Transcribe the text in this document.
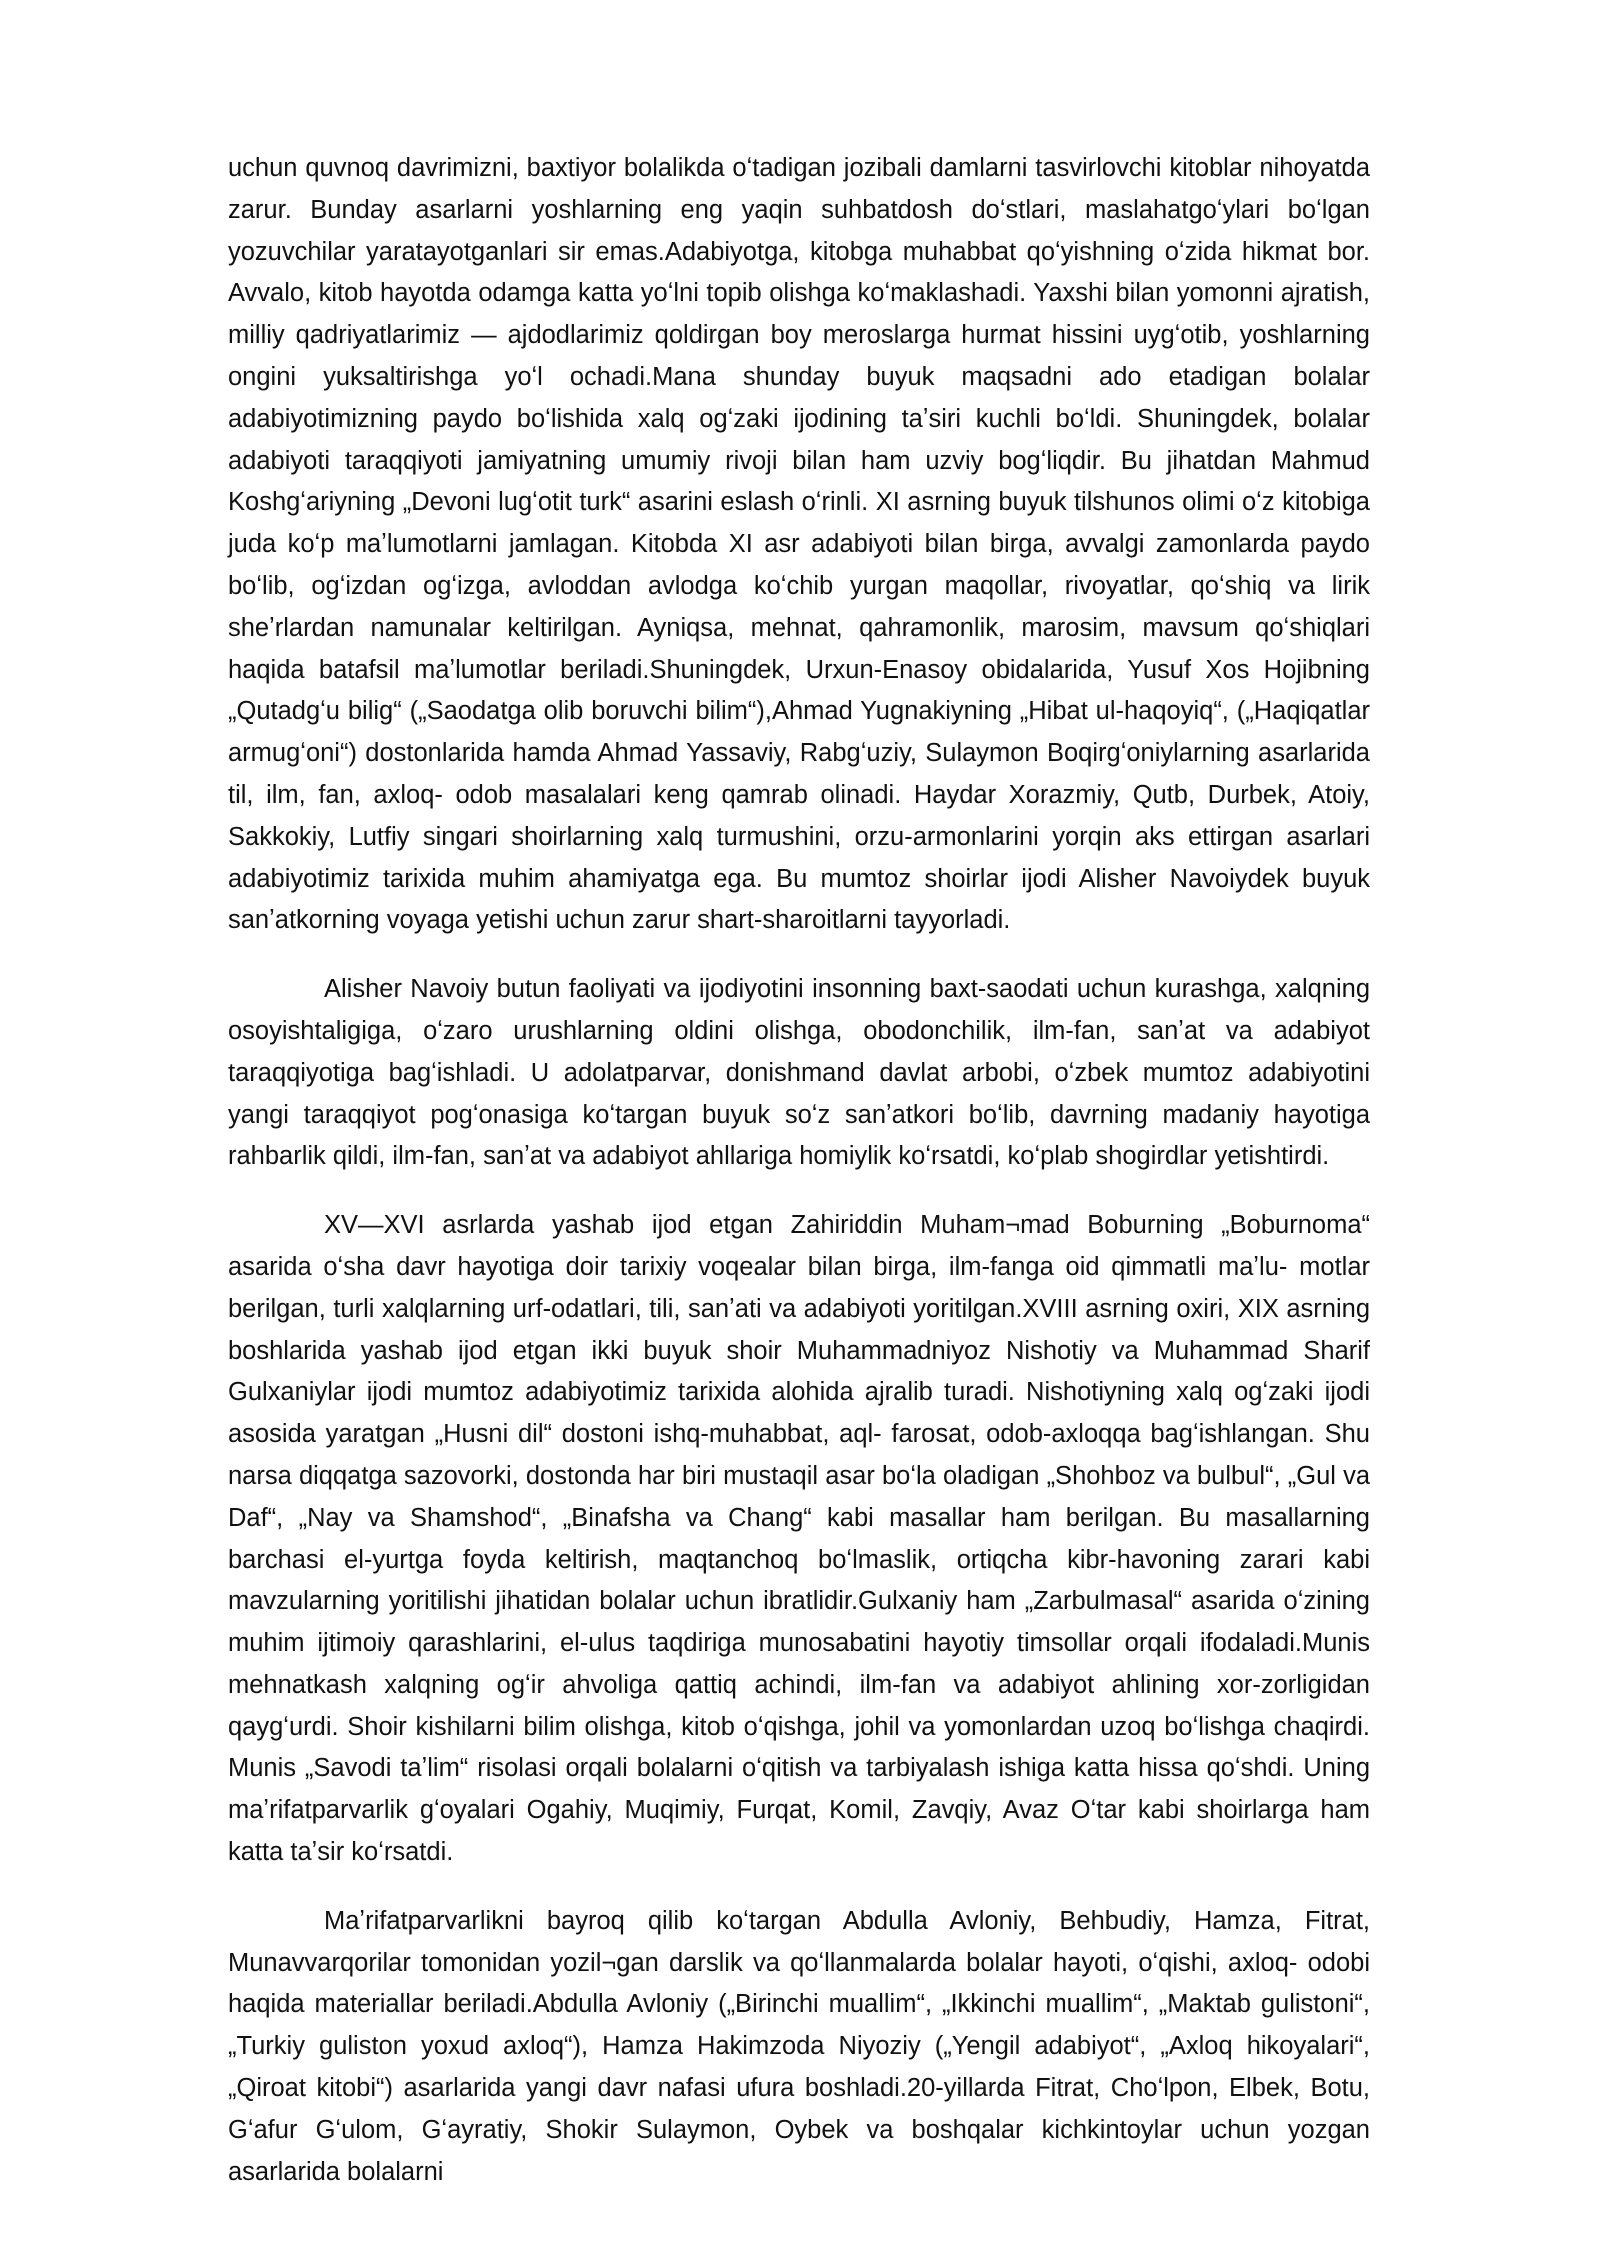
uchun quvnoq davrimizni, baxtiyor bolalikda oʻtadigan jozibali damlarni tasvirlovchi kitoblar nihoyatda zarur. Bunday asarlarni yoshlarning eng yaqin suhbatdosh doʻstlari, maslahatgoʻylari boʻlgan yozuvchilar yaratayotganlari sir emas.Adabiyotga, kitobga muhabbat qoʻyishning oʻzida hikmat bor. Avvalo, kitob hayotda odamga katta yoʻlni topib olishga koʻmaklashadi. Yaxshi bilan yomonni ajratish, milliy qadriyatlarimiz — ajdodlarimiz qoldirgan boy meroslarga hurmat hissini uygʻotib, yoshlarning ongini yuksaltirishga yoʻl ochadi.Mana shunday buyuk maqsadni ado etadigan bolalar adabiyotimizning paydo boʻlishida xalq ogʻzaki ijodining taʼsiri kuchli boʻldi. Shuningdek, bolalar adabiyoti taraqqiyoti jamiyatning umumiy rivoji bilan ham uzviy bogʻliqdir. Bu jihatdan Mahmud Koshgʻariyning „Devoni lugʻotit turk“ asarini eslash oʻrinli. XI asrning buyuk tilshunos olimi oʻz kitobiga juda koʻp maʼlumotlarni jamlagan. Kitobda XI asr adabiyoti bilan birga, avvalgi zamonlarda paydo boʻlib, ogʻizdan ogʻizga, avloddan avlodga koʻchib yurgan maqollar, rivoyatlar, qoʻshiq va lirik sheʼrlardan namunalar keltirilgan. Ayniqsa, mehnat, qahramonlik, marosim, mavsum qoʻshiqlari haqida batafsil maʼlumotlar beriladi.Shuningdek, Urxun-Enasoy obidalarida, Yusuf Xos Hojibning „Qutadgʻu bilig“ („Saodatga olib boruvchi bilim“),Ahmad Yugnakiyning „Hibat ul-haqoyiq“, („Haqiqatlar armugʻoni“) dostonlarida hamda Ahmad Yassaviy, Rabgʻuziy, Sulaymon Boqirgʻoniylarning asarlarida til, ilm, fan, axloq- odob masalalari keng qamrab olinadi. Haydar Xorazmiy, Qutb, Durbek, Atoiy, Sakkokiy, Lutfiy singari shoirlarning xalq turmushini, orzu-armonlarini yorqin aks ettirgan asarlari adabiyotimiz tarixida muhim ahamiyatga ega. Bu mumtoz shoirlar ijodi Alisher Navoiydek buyuk sanʼatkorning voyaga yetishi uchun zarur shart-sharoitlarni tayyorladi.

Alisher Navoiy butun faoliyati va ijodiyotini insonning baxt-saodati uchun kurashga, xalqning osoyishtaligiga, oʻzaro urushlarning oldini olishga, obodonchilik, ilm-fan, sanʼat va adabiyot taraqqiyotiga bagʻishladi. U adolatparvar, donishmand davlat arbobi, oʻzbek mumtoz adabiyotini yangi taraqqiyot pogʻonasiga koʻtargan buyuk soʻz sanʼatkori boʻlib, davrning madaniy hayotiga rahbarlik qildi, ilm-fan, sanʼat va adabiyot ahllariga homiylik koʻrsatdi, koʻplab shogirdlar yetishtirdi.

XV—XVI asrlarda yashab ijod etgan Zahiriddin Muham¬mad Boburning „Boburnoma“ asarida oʻsha davr hayotiga doir tarixiy voqealar bilan birga, ilm-fanga oid qimmatli maʼlu- motlar berilgan, turli xalqlarning urf-odatlari, tili, sanʼati va adabiyoti yoritilgan.XVIII asrning oxiri, XIX asrning boshlarida yashab ijod etgan ikki buyuk shoir Muhammadniyoz Nishotiy va Muhammad Sharif Gulxaniylar ijodi mumtoz adabiyotimiz tarixida alohida ajralib turadi. Nishotiyning xalq ogʻzaki ijodi asosida yaratgan „Husni dil“ dostoni ishq-muhabbat, aql- farosat, odob-axloqqa bagʻishlangan. Shu narsa diqqatga sazovorki, dostonda har biri mustaqil asar boʻla oladigan „Shohboz va bulbul“, „Gul va Daf“, „Nay va Shamshod“, „Binafsha va Chang“ kabi masallar ham berilgan. Bu masallarning barchasi el-yurtga foyda keltirish, maqtanchoq boʻlmaslik, ortiqcha kibr-havoning zarari kabi mavzularning yoritilishi jihatidan bolalar uchun ibratlidir.Gulxaniy ham „Zarbulmasal“ asarida oʻzining muhim ijtimoiy qarashlarini, el-ulus taqdiriga munosabatini hayotiy timsollar orqali ifodaladi.Munis mehnatkash xalqning ogʻir ahvoliga qattiq achindi, ilm-fan va adabiyot ahlining xor-zorligidan qaygʻurdi. Shoir kishilarni bilim olishga, kitob oʻqishga, johil va yomonlardan uzoq boʻlishga chaqirdi. Munis „Savodi taʼlim“ risolasi orqali bolalarni oʻqitish va tarbiyalash ishiga katta hissa qoʻshdi. Uning maʼrifatparvarlik gʻoyalari Ogahiy, Muqimiy, Furqat, Komil, Zavqiy, Avaz Oʻtar kabi shoirlarga ham katta taʼsir koʻrsatdi.

Maʼrifatparvarlikni bayroq qilib koʻtargan Abdulla Avloniy, Behbudiy, Hamza, Fitrat, Munavvarqorilar tomonidan yozil¬gan darslik va qoʻllanmalarda bolalar hayoti, oʻqishi, axloq- odobi haqida materiallar beriladi.Abdulla Avloniy („Birinchi muallim“, „Ikkinchi muallim“, „Maktab gulistoni“, „Turkiy guliston yoxud axloq“), Hamza Hakimzoda Niyoziy („Yengil adabiyot“, „Axloq hikoyalari“, „Qiroat kitobi“) asarlarida yangi davr nafasi ufura boshladi.20-yillarda Fitrat, Choʻlpon, Elbek, Botu, Gʻafur Gʻulom, Gʻayratiy, Shokir Sulaymon, Oybek va boshqalar kichkintoylar uchun yozgan asarlarida bolalarni
